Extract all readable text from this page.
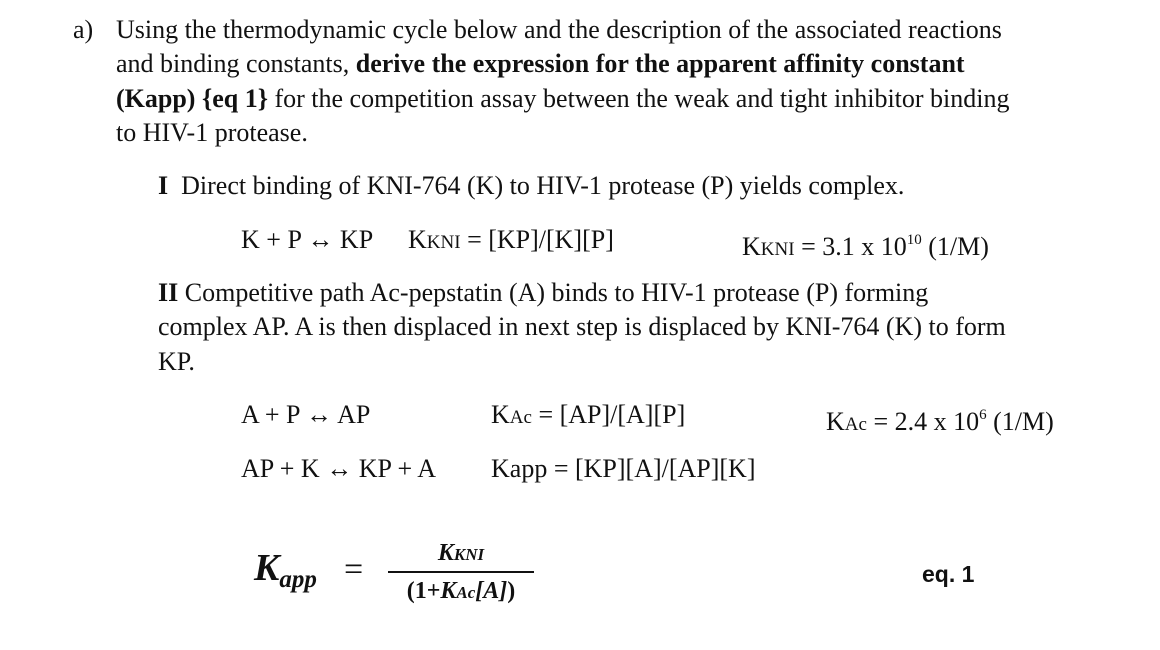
a) Using the thermodynamic cycle below and the description of the associated reactions

and binding constants, derive the expression for the apparent affinity constant

(Kapp) {eq 1} for the competition assay between the weak and tight inhibitor binding

to HIV-1 protease.

I Direct binding of KNI-764 (K) to HIV-1 protease (P) yields complex.

K + P ↔ KP KKNI = [KP]/[K][P]	KKNI = 3.1 x $10^{10}$ (1/M)

II Competitive path Ac-pepstatin (A) binds to HIV-1 protease (P) forming

complex AP. A is then displaced in next step is displaced by KNI-764 (K) to form

KP.

A + P ↔ AP	KAc = [AP]/[A][P]	KAc = 2.4 x $10^6$ (1/M)

AP + K ↔ KP + A Kapp = [KP][A]/[AP][K]

Kapp =	KKNI
(1+KAc[A])
eq. 1
